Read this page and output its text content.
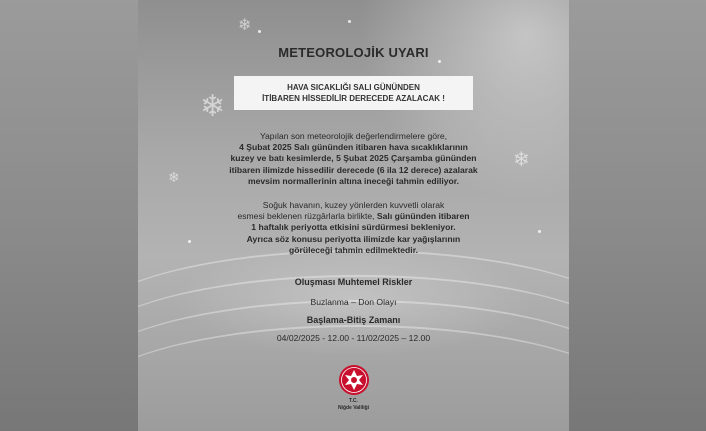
❄
❄
❄
❄
METEOROLOJİK UYARI
HAVA SICAKLIĞI SALI GÜNÜNDEN
İTİBAREN HİSSEDİLİR DERECEDE AZALACAK !
Yapılan son meteorolojik değerlendirmelere göre,
4 Şubat 2025 Salı gününden itibaren hava sıcaklıklarının
kuzey ve batı kesimlerde, 5 Şubat 2025 Çarşamba gününden
itibaren ilimizde hissedilir derecede (6 ila 12 derece) azalarak
mevsim normallerinin altına ineceği tahmin ediliyor.
Soğuk havanın, kuzey yönlerden kuvvetli olarak
esmesi beklenen rüzgârlarla birlikte, Salı gününden itibaren
1 haftalık periyotta etkisini sürdürmesi bekleniyor.
Ayrıca söz konusu periyotta ilimizde kar yağışlarının
görüleceği tahmin edilmektedir.
Oluşması Muhtemel Riskler
Buzlanma – Don Olayı
Başlama-Bitiş Zamanı
04/02/2025 - 12.00 - 11/02/2025 – 12.00
T.C.
Niğde Valiliği
